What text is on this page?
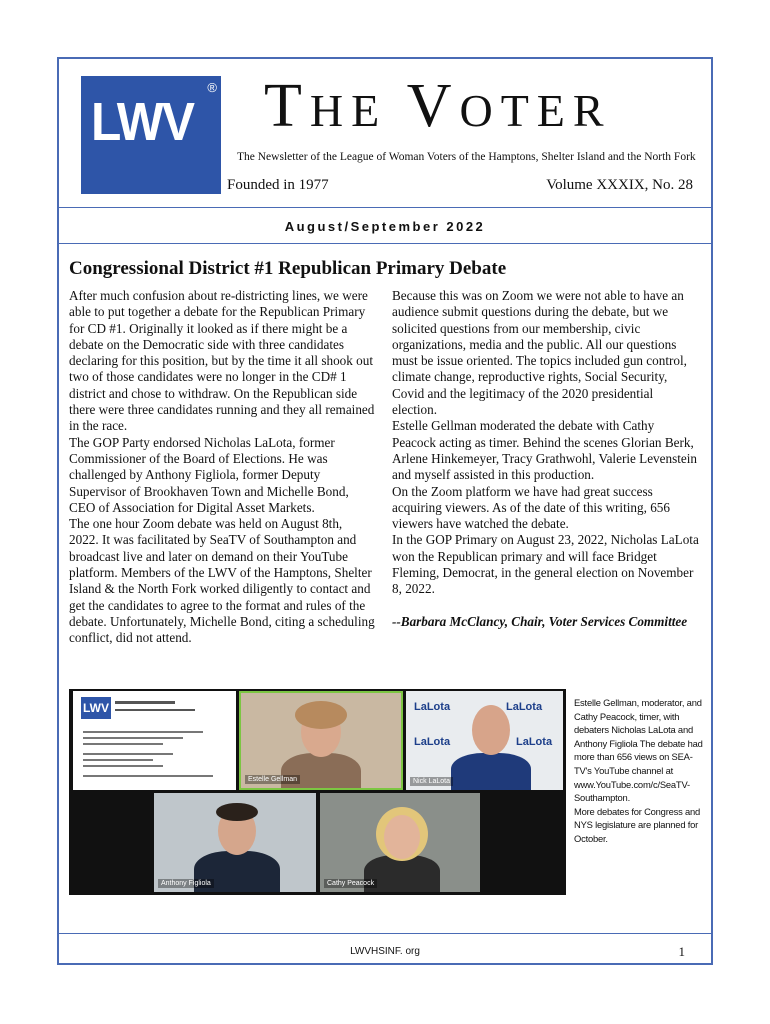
LWV
® THE VOTER
The Newsletter of the League of Woman Voters of the Hamptons, Shelter Island and the North Fork
Founded in 1977	Volume XXXIX, No. 28
August/September 2022
Congressional District #1 Republican Primary Debate

After much confusion about re-districting lines, we were able to put together a debate for the Republican Primary for CD #1. Originally it looked as if there might be a debate on the Democratic side with three candidates declaring for this position, but by the time it all shook out two of those candidates were no longer in the CD# 1 district and chose to withdraw. On the Republican side there were three candidates running and they all remained in the race.

The GOP Party endorsed Nicholas LaLota, former Commissioner of the Board of Elections. He was challenged by Anthony Figliola, former Deputy Supervisor of Brookhaven Town and Michelle Bond, CEO of Association for Digital Asset Markets.

The one hour Zoom debate was held on August 8th, 2022. It was facilitated by SeaTV of Southampton and broadcast live and later on demand on their YouTube platform. Members of the LWV of the Hamptons, Shelter Island & the North Fork worked diligently to contact and get the candidates to agree to the format and rules of the debate. Unfortunately, Michelle Bond, citing a scheduling conflict, did not attend.

Because this was on Zoom we were not able to have an audience submit questions during the debate, but we solicited questions from our membership, civic organizations, media and the public. All our questions must be issue oriented. The topics included gun control, climate change, reproductive rights, Social Security, Covid and the legitimacy of the 2020 presidential election.

Estelle Gellman moderated the debate with Cathy Peacock acting as timer. Behind the scenes Glorian Berk, Arlene Hinkemeyer, Tracy Grathwohl, Valerie Levenstein and myself assisted in this production.

On the Zoom platform we have had great success acquiring viewers. As of the date of this writing, 656 viewers have watched the debate.

In the GOP Primary on August 23, 2022, Nicholas LaLota won the Republican primary and will face Bridget Fleming, Democrat, in the general election on November 8, 2022.

--Barbara McClancy, Chair, Voter Services Committee

LWV
Estelle Gellman
LaLota	LaLota
LaLota	LaLota
Nick LaLota
Anthony Figliola	Cathy Peacock

Estelle Gellman, moderator, and Cathy Peacock, timer, with debaters Nicholas LaLota and Anthony Figliola The debate had more than 656 views on SEA-TV's YouTube channel at www.YouTube.com/c/SeaTV-Southampton.

More debates for Congress and NYS legislature are planned for October.

LWVHSINF. org	1
